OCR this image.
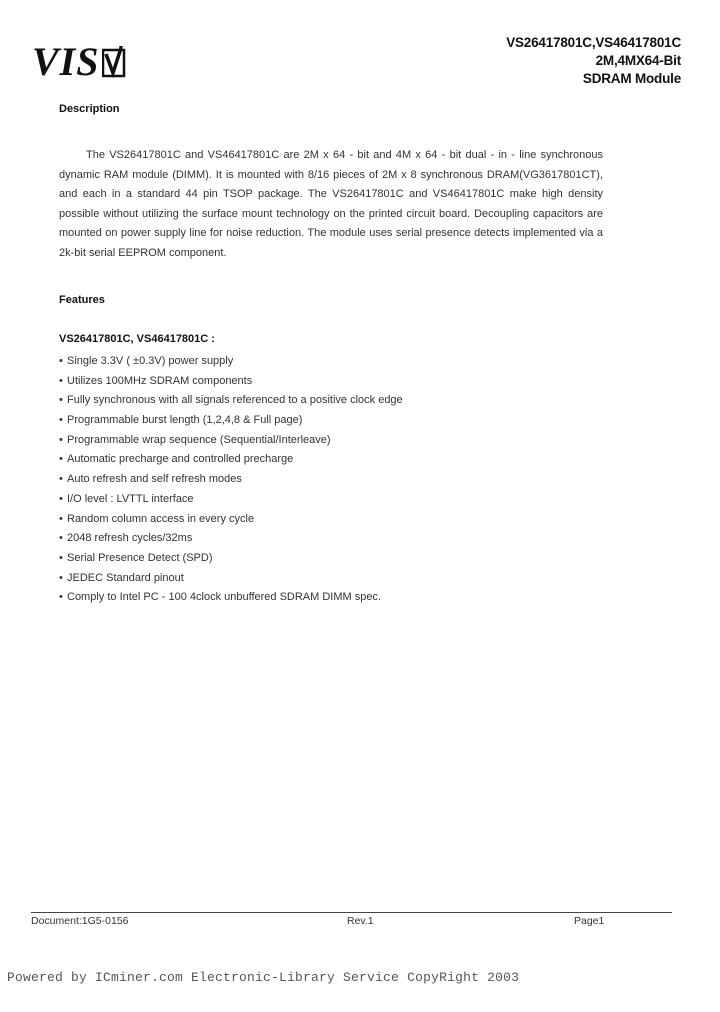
VIS	VS26417801C,VS46417801C
2M,4MX64-Bit
SDRAM Module
Description

The VS26417801C and VS46417801C are 2M x 64 - bit and 4M x 64 - bit dual - in - line synchronous dynamic RAM module (DIMM). It is mounted with 8/16 pieces of 2M x 8 synchronous DRAM(VG3617801CT), and each in a standard 44 pin TSOP package. The VS26417801C and VS46417801C make high density possible without utilizing the surface mount technology on the printed circuit board. Decoupling capacitors are mounted on power supply line for noise reduction. The module uses serial presence detects implemented via a 2k-bit serial EEPROM component.

Features
VS26417801C, VS46417801C :
• Single 3.3V ( ±0.3V) power supply
• Utilizes 100MHz SDRAM components
• Fully synchronous with all signals referenced to a positive clock edge
• Programmable burst length (1,2,4,8 & Full page)
• Programmable wrap sequence (Sequential/Interleave)
• Automatic precharge and controlled precharge
• Auto refresh and self refresh modes
• I/O level : LVTTL interface
• Random column access in every cycle
• 2048 refresh cycles/32ms
• Serial Presence Detect (SPD)
• JEDEC Standard pinout
• Comply to Intel PC - 100 4clock unbuffered SDRAM DIMM spec.
Document:1G5-0156	Rev.1	Page1
Powered by ICminer.com Electronic-Library Service CopyRight 2003
